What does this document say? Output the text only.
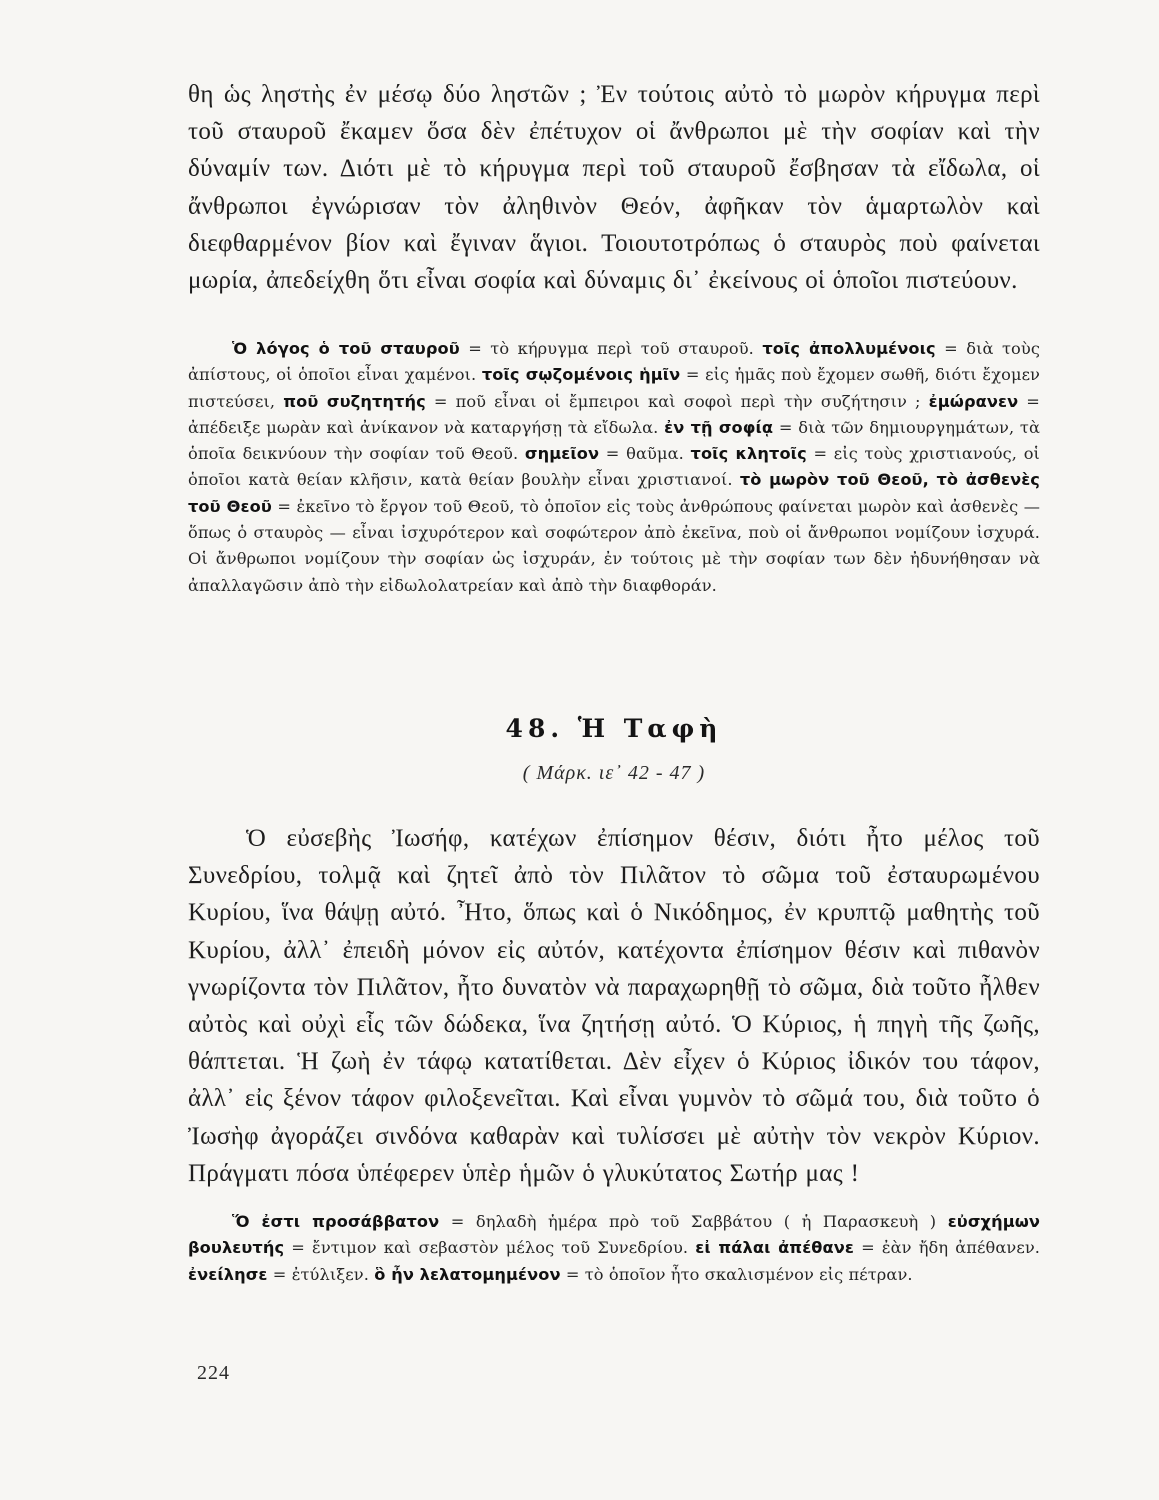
θη ὡς ληστὴς ἐν μέσῳ δύο ληστῶν ; Ἐν τούτοις αὐτὸ τὸ μωρὸν κήρυγμα περὶ τοῦ σταυροῦ ἔκαμεν ὅσα δὲν ἐπέτυχον οἱ ἄνθρωποι μὲ τὴν σοφίαν καὶ τὴν δύναμίν των. Διότι μὲ τὸ κήρυγμα περὶ τοῦ σταυροῦ ἔσβησαν τὰ εἴδωλα, οἱ ἄνθρωποι ἐγνώρισαν τὸν ἀληθινὸν Θεόν, ἀφῆκαν τὸν ἁμαρτωλὸν καὶ διεφθαρμένον βίον καὶ ἔγιναν ἅγιοι. Τοιουτοτρόπως ὁ σταυρὸς ποὺ φαίνεται μωρία, ἀπεδείχθη ὅτι εἶναι σοφία καὶ δύναμις δι᾽ ἐκείνους οἱ ὁποῖοι πιστεύουν.

Ὁ λόγος ὁ τοῦ σταυροῦ = τὸ κήρυγμα περὶ τοῦ σταυροῦ. τοῖς ἀπολλυμένοις = διὰ τοὺς ἀπίστους, οἱ ὁποῖοι εἶναι χαμένοι. τοῖς σῳζομένοις ἡμῖν = εἰς ἡμᾶς ποὺ ἔχομεν σωθῆ, διότι ἔχομεν πιστεύσει, ποῦ συζητητής = ποῦ εἶναι οἱ ἔμπειροι καὶ σοφοὶ περὶ τὴν συζήτησιν ; ἐμώρανεν = ἀπέδειξε μωρὰν καὶ ἀνίκανον νὰ καταργήσῃ τὰ εἴδωλα. ἐν τῇ σοφίᾳ = διὰ τῶν δημιουργημάτων, τὰ ὁποῖα δεικνύουν τὴν σοφίαν τοῦ Θεοῦ. σημεῖον = θαῦμα. τοῖς κλητοῖς = εἰς τοὺς χριστιανούς, οἱ ὁποῖοι κατὰ θείαν κλῆσιν, κατὰ θείαν βουλὴν εἶναι χριστιανοί. τὸ μωρὸν τοῦ Θεοῦ, τὸ ἀσθενὲς τοῦ Θεοῦ = ἐκεῖνο τὸ ἔργον τοῦ Θεοῦ, τὸ ὁποῖον εἰς τοὺς ἀνθρώπους φαίνεται μωρὸν καὶ ἀσθενὲς — ὅπως ὁ σταυρὸς — εἶναι ἰσχυρότερον καὶ σοφώτερον ἀπὸ ἐκεῖνα, ποὺ οἱ ἄνθρωποι νομίζουν ἰσχυρά. Οἱ ἄνθρωποι νομίζουν τὴν σοφίαν ὡς ἰσχυράν, ἐν τούτοις μὲ τὴν σοφίαν των δὲν ἠδυνήθησαν νὰ ἀπαλλαγῶσιν ἀπὸ τὴν εἰδωλολατρείαν καὶ ἀπὸ τὴν διαφθοράν.

48. Ἡ Ταφὴ
( Μάρκ. ιε᾽ 42 - 47 )

Ὁ εὐσεβὴς Ἰωσήφ, κατέχων ἐπίσημον θέσιν, διότι ἦτο μέλος τοῦ Συνεδρίου, τολμᾷ καὶ ζητεῖ ἀπὸ τὸν Πιλᾶτον τὸ σῶμα τοῦ ἐσταυρωμένου Κυρίου, ἵνα θάψῃ αὐτό. Ἦτο, ὅπως καὶ ὁ Νικόδημος, ἐν κρυπτῷ μαθητὴς τοῦ Κυρίου, ἀλλ᾽ ἐπειδὴ μόνον εἰς αὐτόν, κατέχοντα ἐπίσημον θέσιν καὶ πιθανὸν γνωρίζοντα τὸν Πιλᾶτον, ἦτο δυνατὸν νὰ παραχωρηθῇ τὸ σῶμα, διὰ τοῦτο ἦλθεν αὐτὸς καὶ οὐχὶ εἷς τῶν δώδεκα, ἵνα ζητήσῃ αὐτό. Ὁ Κύριος, ἡ πηγὴ τῆς ζωῆς, θάπτεται. Ἡ ζωὴ ἐν τάφῳ κατατίθεται. Δὲν εἶχεν ὁ Κύριος ἰδικόν του τάφον, ἀλλ᾽ εἰς ξένον τάφον φιλοξενεῖται. Καὶ εἶναι γυμνὸν τὸ σῶμά του, διὰ τοῦτο ὁ Ἰωσὴφ ἀγοράζει σινδόνα καθαρὰν καὶ τυλίσσει μὲ αὐτὴν τὸν νεκρὸν Κύριον. Πράγματι πόσα ὑπέφερεν ὑπὲρ ἡμῶν ὁ γλυκύτατος Σωτήρ μας !

Ὅ ἐστι προσάββατον = δηλαδὴ ἡμέρα πρὸ τοῦ Σαββάτου ( ἡ Παρασκευὴ ) εὐσχήμων βουλευτής = ἔντιμον καὶ σεβαστὸν μέλος τοῦ Συνεδρίου. εἰ πάλαι ἀπέθανε = ἐὰν ἤδη ἀπέθανεν. ἐνείλησε = ἐτύλιξεν. ὃ ἦν λελατομημένον = τὸ ὁποῖον ἦτο σκαλισμένον εἰς πέτραν.

224
